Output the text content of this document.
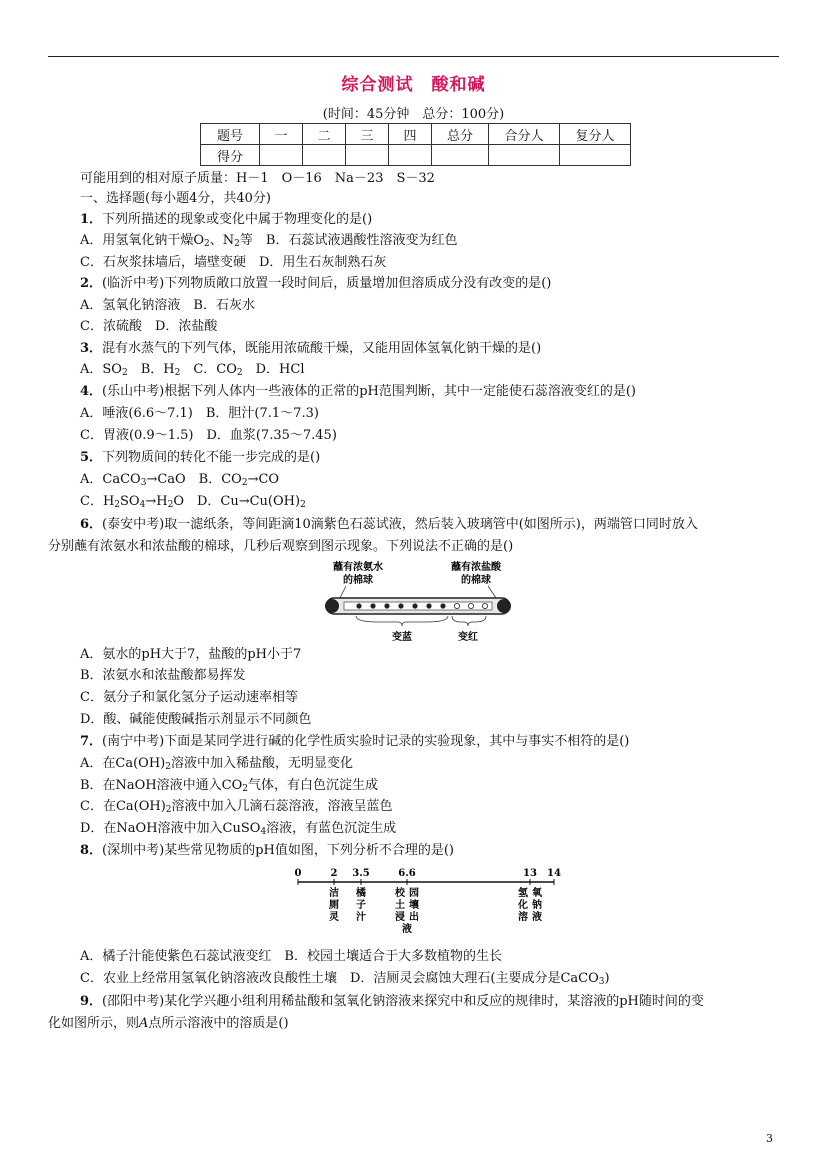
综合测试　酸和碱
(时间：45分钟　总分：100分)
题号	一	二	三	四	总分	合分人	复分人
得分							
可能用到的相对原子质量：H－1　O－16　Na－23　S－32
一、选择题(每小题4分，共40分)
1．下列所描述的现象或变化中属于物理变化的是()
A．用氢氧化钠干燥$O_2$、$N_2$等　B．石蕊试液遇酸性溶液变为红色
C．石灰浆抹墙后，墙壁变硬　D．用生石灰制熟石灰
2．(临沂中考)下列物质敞口放置一段时间后，质量增加但溶质成分没有改变的是()
A．氢氧化钠溶液　B．石灰水
C．浓硫酸　D．浓盐酸
3．混有水蒸气的下列气体，既能用浓硫酸干燥，又能用固体氢氧化钠干燥的是()
A．$SO_2$　B．$H_2$　C．$CO_2$　D．HCl
4．(乐山中考)根据下列人体内一些液体的正常的pH范围判断，其中一定能使石蕊溶液变红的是()
A．唾液(6.6～7.1)　B．胆汁(7.1～7.3)
C．胃液(0.9～1.5)　D．血浆(7.35～7.45)
5．下列物质间的转化不能一步完成的是()
A．CaCO$_3$→CaO　B．$CO_2\to CO$
C．$H_2SO_4\to H_2O$　D．$Cu\to Cu(OH)_2$
6．(泰安中考)取一滤纸条，等间距滴10滴紫色石蕊试液，然后装入玻璃管中(如图所示)，两端管口同时放入
分别蘸有浓氨水和浓盐酸的棉球，几秒后观察到图示现象。下列说法不正确的是()
蘸有浓氨水
的棉球
蘸有浓盐酸
的棉球
变蓝	变红
A．氨水的pH大于7，盐酸的pH小于7
B．浓氨水和浓盐酸都易挥发
C．氨分子和氯化氢分子运动速率相等
D．酸、碱能使酸碱指示剂显示不同颜色
7．(南宁中考)下面是某同学进行碱的化学性质实验时记录的实验现象，其中与事实不相符的是()
A．在$Ca(OH)_2$溶液中加入稀盐酸，无明显变化
B．在NaOH溶液中通入$CO_2$气体，有白色沉淀生成
C．在$Ca(OH)_2$溶液中加入几滴石蕊溶液，溶液呈蓝色
D．在NaOH溶液中加入CuSO$_4$溶液，有蓝色沉淀生成
8．(深圳中考)某些常见物质的pH值如图，下列分析不合理的是()
0	2 3.5	6.6	13 14
洁
厕
灵
橘
子
汁
校 园
土 壤
浸 出
液
氢 氧
化 钠
溶 液
A．橘子汁能使紫色石蕊试液变红　B．校园土壤适合于大多数植物的生长
C．农业上经常用氢氧化钠溶液改良酸性土壤　D．洁厕灵会腐蚀大理石(主要成分是CaCO$_3$)
9．(邵阳中考)某化学兴趣小组利用稀盐酸和氢氧化钠溶液来探究中和反应的规律时，某溶液的pH随时间的变
化如图所示，则A点所示溶液中的溶质是()
3
